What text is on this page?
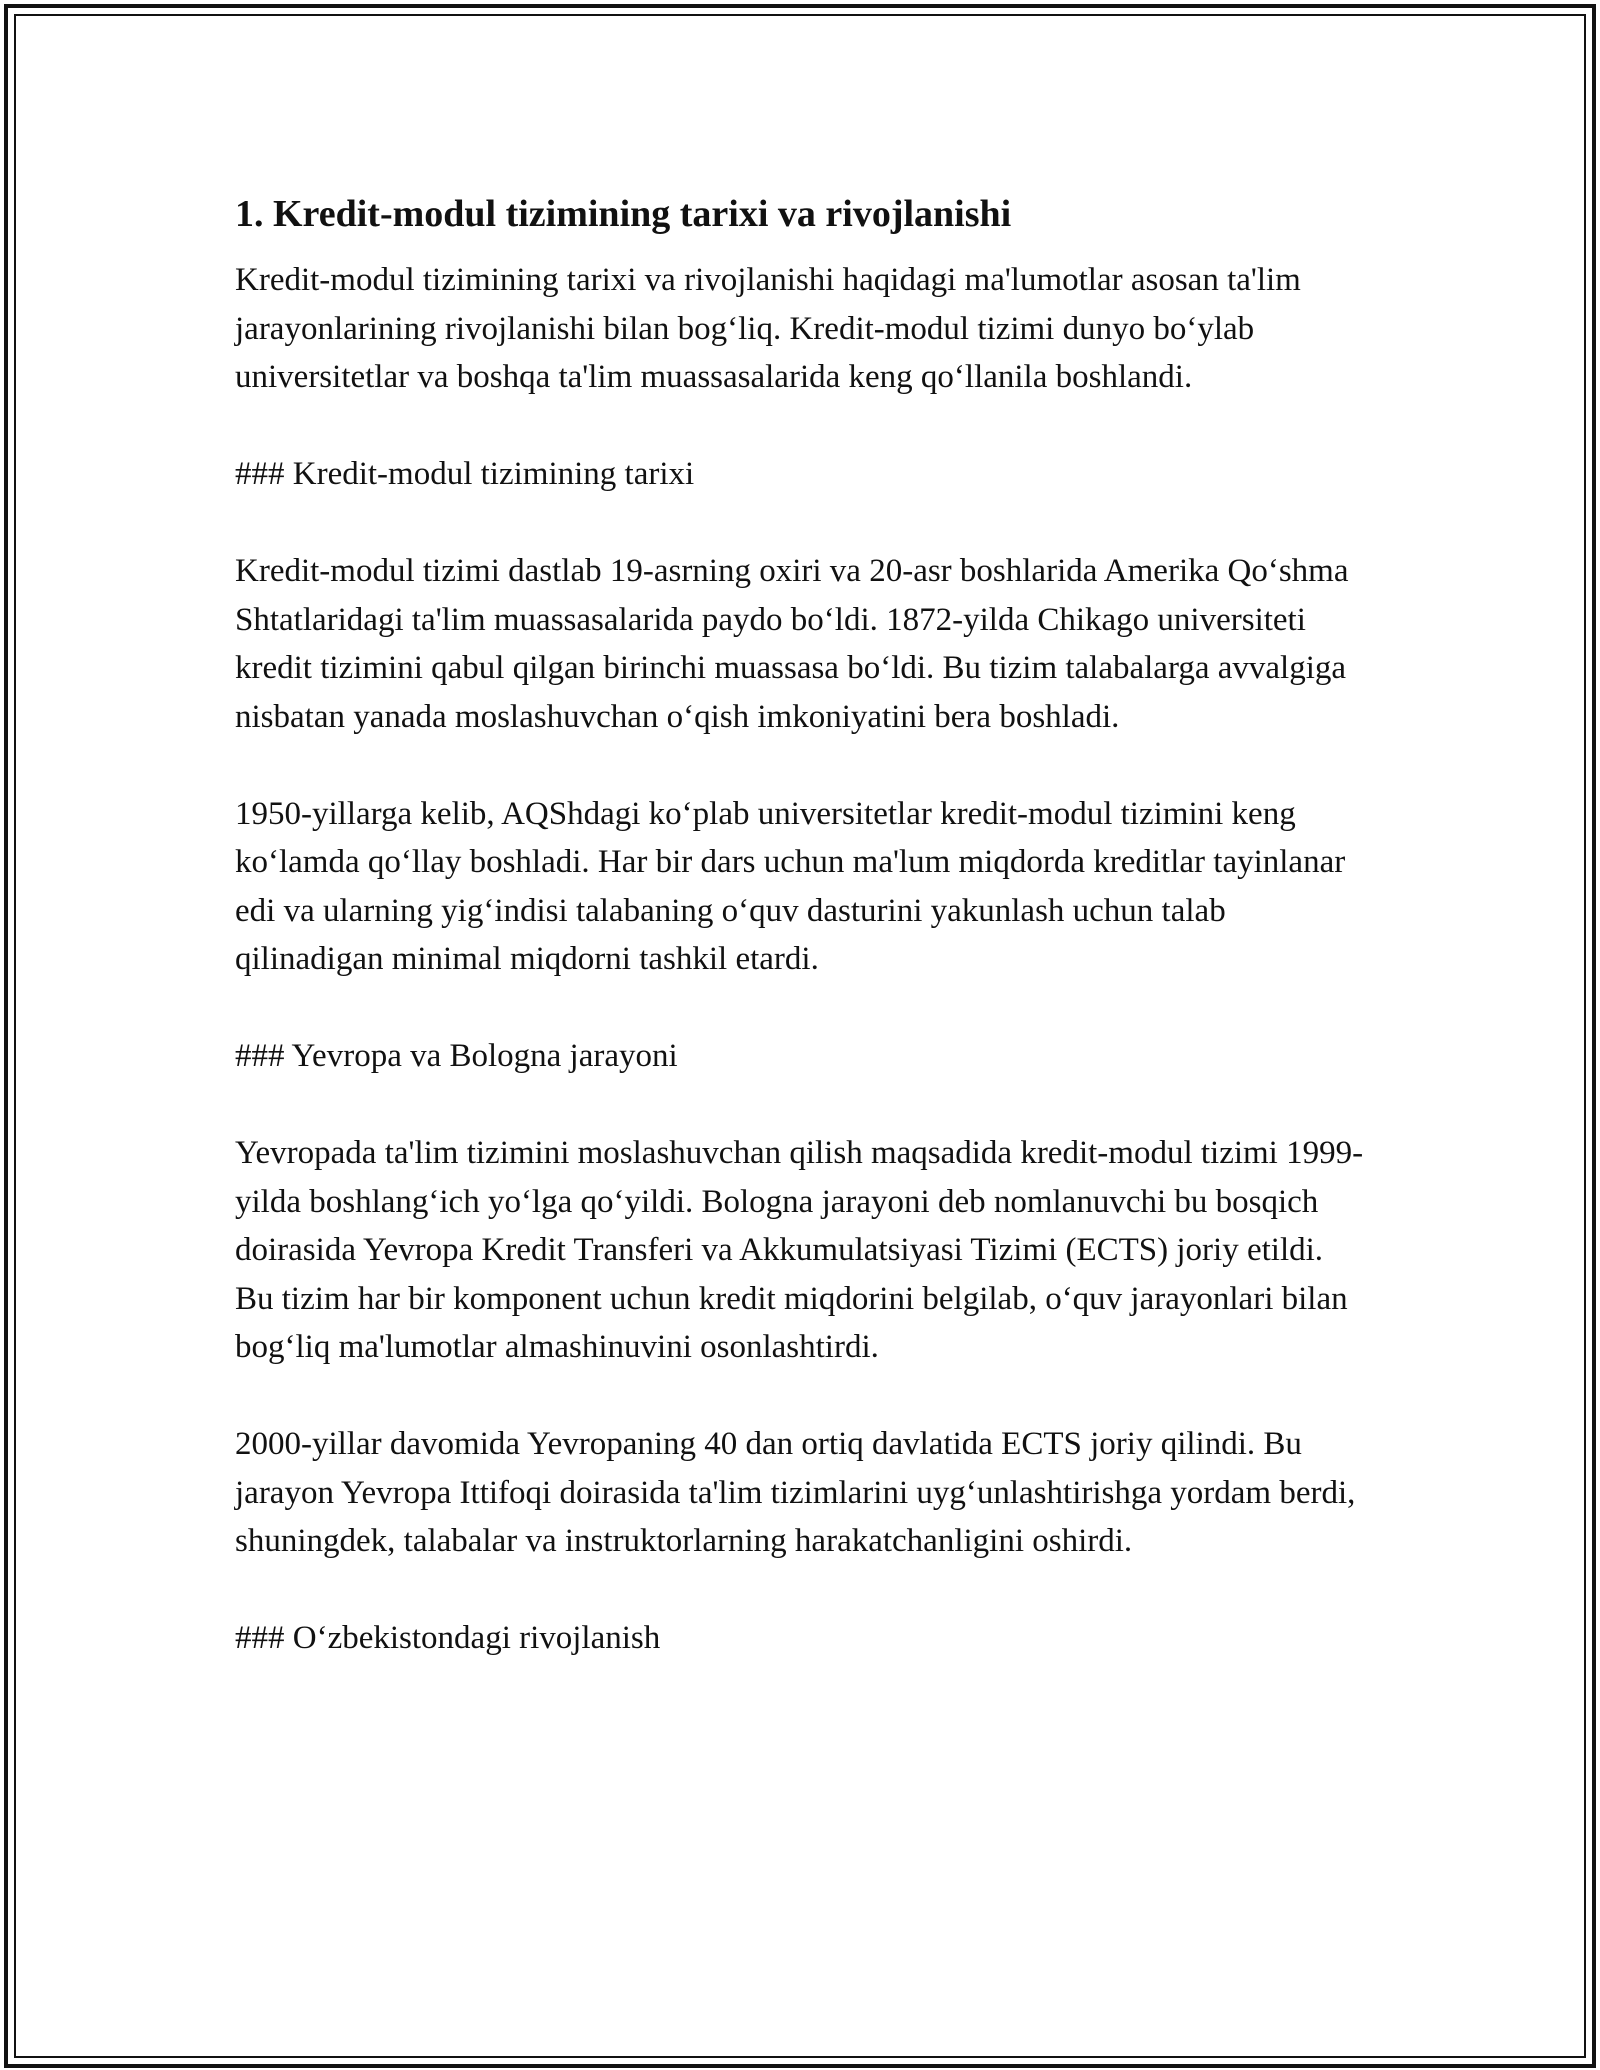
1. Kredit-modul tizimining tarixi va rivojlanishi

Kredit-modul tizimining tarixi va rivojlanishi haqidagi ma'lumotlar asosan ta'lim jarayonlarining rivojlanishi bilan bog‘liq. Kredit-modul tizimi dunyo bo‘ylab universitetlar va boshqa ta'lim muassasalarida keng qo‘llanila boshlandi.

### Kredit-modul tizimining tarixi

Kredit-modul tizimi dastlab 19-asrning oxiri va 20-asr boshlarida Amerika Qo‘shma Shtatlaridagi ta'lim muassasalarida paydo bo‘ldi. 1872-yilda Chikago universiteti kredit tizimini qabul qilgan birinchi muassasa bo‘ldi. Bu tizim talabalarga avvalgiga nisbatan yanada moslashuvchan o‘qish imkoniyatini bera boshladi.

1950-yillarga kelib, AQShdagi ko‘plab universitetlar kredit-modul tizimini keng ko‘lamda qo‘llay boshladi. Har bir dars uchun ma'lum miqdorda kreditlar tayinlanar edi va ularning yig‘indisi talabaning o‘quv dasturini yakunlash uchun talab qilinadigan minimal miqdorni tashkil etardi.

### Yevropa va Bologna jarayoni

Yevropada ta'lim tizimini moslashuvchan qilish maqsadida kredit-modul tizimi 1999-yilda boshlang‘ich yo‘lga qo‘yildi. Bologna jarayoni deb nomlanuvchi bu bosqich doirasida Yevropa Kredit Transferi va Akkumulatsiyasi Tizimi (ECTS) joriy etildi. Bu tizim har bir komponent uchun kredit miqdorini belgilab, o‘quv jarayonlari bilan bog‘liq ma'lumotlar almashinuvini osonlashtirdi.

2000-yillar davomida Yevropaning 40 dan ortiq davlatida ECTS joriy qilindi. Bu jarayon Yevropa Ittifoqi doirasida ta'lim tizimlarini uyg‘unlashtirishga yordam berdi, shuningdek, talabalar va instruktorlarning harakatchanligini oshirdi.

### O‘zbekistondagi rivojlanish
